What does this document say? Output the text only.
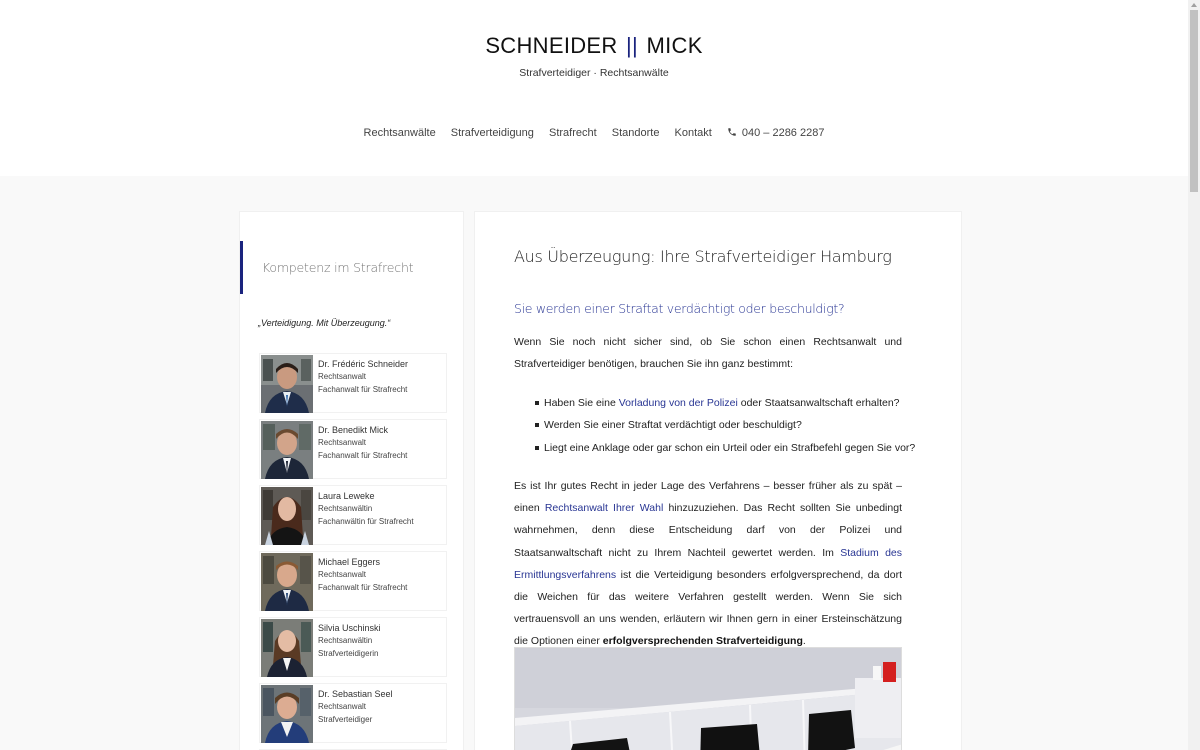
SCHNEIDER || MICK
Strafverteidiger · Rechtsanwälte
Rechtsanwälte Strafverteidigung Strafrecht Standorte Kontakt	040 – 2286 2287
Kompetenz im Strafrecht
„Verteidigung. Mit Überzeugung.“
Dr. Frédéric Schneider
Rechtsanwalt
Fachanwalt für Strafrecht
Dr. Benedikt Mick
Rechtsanwalt
Fachanwalt für Strafrecht
Laura Leweke
Rechtsanwältin
Fachanwältin für Strafrecht
Michael Eggers
Rechtsanwalt
Fachanwalt für Strafrecht
Silvia Uschinski
Rechtsanwältin
Strafverteidigerin
Dr. Sebastian Seel
Rechtsanwalt
Strafverteidiger
Aus Überzeugung: Ihre Strafverteidiger Hamburg
Sie werden einer Straftat verdächtigt oder beschuldigt?

Wenn Sie noch nicht sicher sind, ob Sie schon einen Rechtsanwalt und Strafverteidiger benötigen, brauchen Sie ihn ganz bestimmt:

Haben Sie eine Vorladung von der Polizei oder Staatsanwaltschaft erhalten?
Werden Sie einer Straftat verdächtigt oder beschuldigt?
Liegt eine Anklage oder gar schon ein Urteil oder ein Strafbefehl gegen Sie vor?

Es ist Ihr gutes Recht in jeder Lage des Verfahrens – besser früher als zu spät – einen Rechtsanwalt Ihrer Wahl hinzuzuziehen. Das Recht sollten Sie unbedingt wahrnehmen, denn diese Entscheidung darf von der Polizei und Staatsanwaltschaft nicht zu Ihrem Nachteil gewertet werden. Im Stadium des Ermittlungsverfahrens ist die Verteidigung besonders erfolgversprechend, da dort die Weichen für das weitere Verfahren gestellt werden. Wenn Sie sich vertrauensvoll an uns wenden, erläutern wir Ihnen gern in einer Ersteinschätzung die Optionen einer erfolgversprechenden Strafverteidigung.
